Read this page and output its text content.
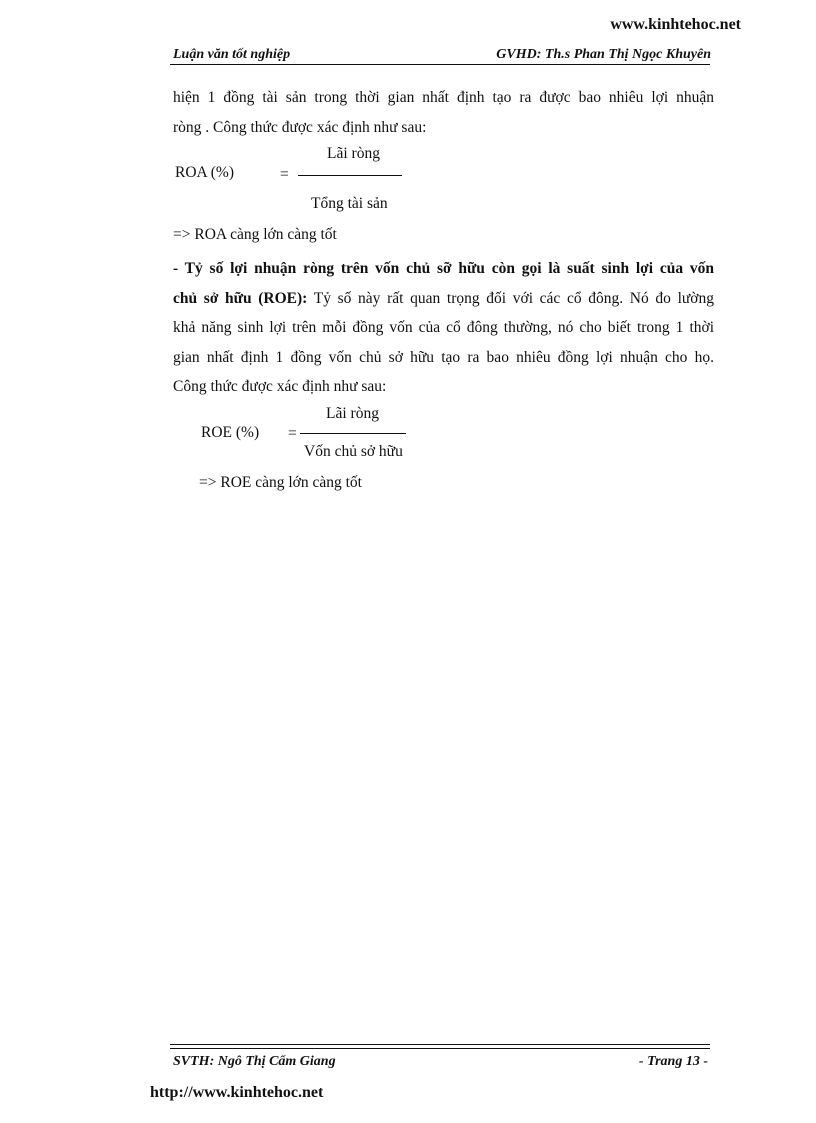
www.kinhtehoc.net
Luận văn tốt nghiệp	GVHD: Th.s Phan Thị Ngọc Khuyên

hiện 1 đồng tài sản trong thời gian nhất định tạo ra được bao nhiêu lợi nhuận

ròng . Công thức được xác định như sau:

ROA (%)	=
Lãi ròng
Tổng tài sản
=> ROA càng lớn càng tốt

- Tỷ số lợi nhuận ròng trên vốn chủ sỡ hữu còn gọi là suất sinh lợi của vốn

chủ sở hữu (ROE): Tỷ số này rất quan trọng đối với các cổ đông. Nó đo lường

khả năng sinh lợi trên mỗi đồng vốn của cổ đông thường, nó cho biết trong 1 thời

gian nhất định 1 đồng vốn chủ sở hữu tạo ra bao nhiêu đồng lợi nhuận cho họ.

Công thức được xác định như sau:

ROE (%) =
Lãi ròng
Vốn chủ sở hữu
=> ROE càng lớn càng tốt
SVTH: Ngô Thị Cẩm Giang	- Trang 13 -
http://www.kinhtehoc.net
